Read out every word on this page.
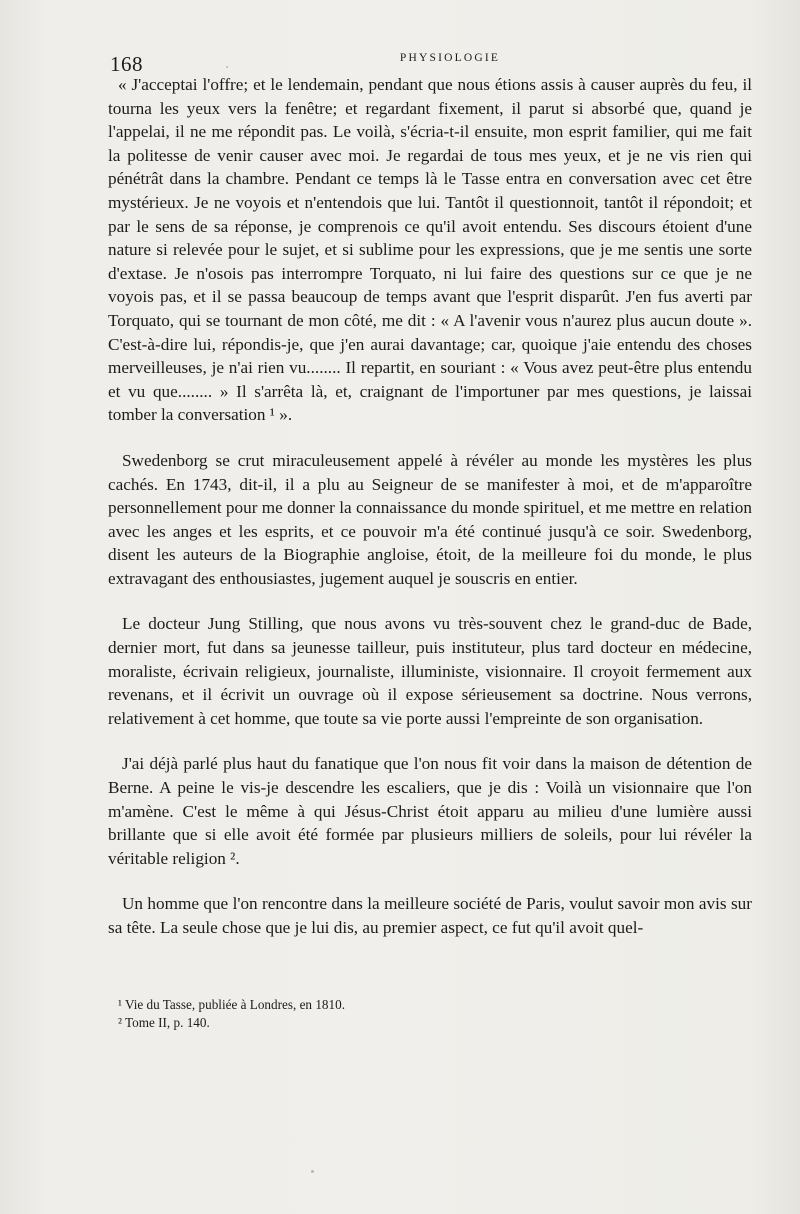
168	PHYSIOLOGIE

« J'acceptai l'offre; et le lendemain, pendant que nous étions assis à causer auprès du feu, il tourna les yeux vers la fenêtre; et regardant fixement, il parut si absorbé que, quand je l'appelai, il ne me répondit pas. Le voilà, s'écria-t-il ensuite, mon esprit familier, qui me fait la politesse de venir causer avec moi. Je regardai de tous mes yeux, et je ne vis rien qui pénétrât dans la chambre. Pendant ce temps là le Tasse entra en conversation avec cet être mystérieux. Je ne voyois et n'entendois que lui. Tantôt il questionnoit, tantôt il répondoit; et par le sens de sa réponse, je comprenois ce qu'il avoit entendu. Ses discours étoient d'une nature si relevée pour le sujet, et si sublime pour les expressions, que je me sentis une sorte d'extase. Je n'osois pas interrompre Torquato, ni lui faire des questions sur ce que je ne voyois pas, et il se passa beaucoup de temps avant que l'esprit disparût. J'en fus averti par Torquato, qui se tournant de mon côté, me dit : « A l'avenir vous n'aurez plus aucun doute ». C'est-à-dire lui, répondis-je, que j'en aurai davantage; car, quoique j'aie entendu des choses merveilleuses, je n'ai rien vu........ Il repartit, en souriant : « Vous avez peut-être plus entendu et vu que........ » Il s'arrêta là, et, craignant de l'importuner par mes questions, je laissai tomber la conversation ¹ ».

Swedenborg se crut miraculeusement appelé à révéler au monde les mystères les plus cachés. En 1743, dit-il, il a plu au Seigneur de se manifester à moi, et de m'apparoître personnellement pour me donner la connaissance du monde spirituel, et me mettre en relation avec les anges et les esprits, et ce pouvoir m'a été continué jusqu'à ce soir. Swedenborg, disent les auteurs de la Biographie angloise, étoit, de la meilleure foi du monde, le plus extravagant des enthousiastes, jugement auquel je souscris en entier.

Le docteur Jung Stilling, que nous avons vu très-souvent chez le grand-duc de Bade, dernier mort, fut dans sa jeunesse tailleur, puis instituteur, plus tard docteur en médecine, moraliste, écrivain religieux, journaliste, illuministe, visionnaire. Il croyoit fermement aux revenans, et il écrivit un ouvrage où il expose sérieusement sa doctrine. Nous verrons, relativement à cet homme, que toute sa vie porte aussi l'empreinte de son organisation.

J'ai déjà parlé plus haut du fanatique que l'on nous fit voir dans la maison de détention de Berne. A peine le vis-je descendre les escaliers, que je dis : Voilà un visionnaire que l'on m'amène. C'est le même à qui Jésus-Christ étoit apparu au milieu d'une lumière aussi brillante que si elle avoit été formée par plusieurs milliers de soleils, pour lui révéler la véritable religion ².

Un homme que l'on rencontre dans la meilleure société de Paris, voulut savoir mon avis sur sa tête. La seule chose que je lui dis, au premier aspect, ce fut qu'il avoit quel-

¹ Vie du Tasse, publiée à Londres, en 1810.
² Tome II, p. 140.
